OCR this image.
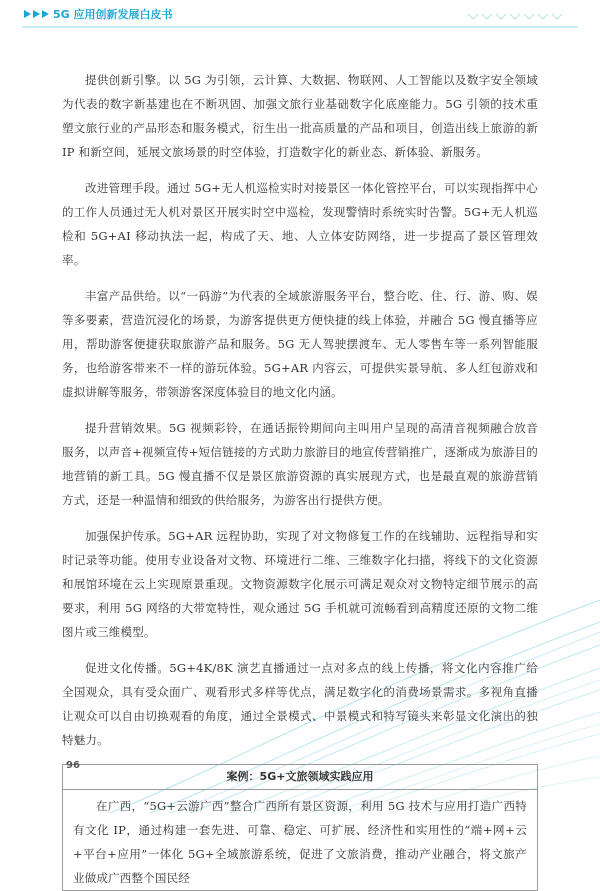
5G 应用创新发展白皮书

提供创新引擎。以 5G 为引领，云计算、大数据、物联网、人工智能以及数字安全领域为代表的数字新基建也在不断巩固、加强文旅行业基础数字化底座能力。5G 引领的技术重塑文旅行业的产品形态和服务模式，衍生出一批高质量的产品和项目，创造出线上旅游的新 IP 和新空间，延展文旅场景的时空体验，打造数字化的新业态、新体验、新服务。

改进管理手段。通过 5G+无人机巡检实时对接景区一体化管控平台，可以实现指挥中心的工作人员通过无人机对景区开展实时空中巡检，发现警情时系统实时告警。5G+无人机巡检和 5G+AI 移动执法一起，构成了天、地、人立体安防网络，进一步提高了景区管理效率。

丰富产品供给。以“一码游”为代表的全域旅游服务平台，整合吃、住、行、游、购、娱等多要素，营造沉浸化的场景，为游客提供更方便快捷的线上体验，并融合 5G 慢直播等应用，帮助游客便捷获取旅游产品和服务。5G 无人驾驶摆渡车、无人零售车等一系列智能服务，也给游客带来不一样的游玩体验。5G+AR 内容云，可提供实景导航、多人红包游戏和虚拟讲解等服务，带领游客深度体验目的地文化内涵。

提升营销效果。5G 视频彩铃，在通话振铃期间向主叫用户呈现的高清音视频融合放音服务，以声音+视频宣传+短信链接的方式助力旅游目的地宣传营销推广，逐渐成为旅游目的地营销的新工具。5G 慢直播不仅是景区旅游资源的真实展现方式，也是最直观的旅游营销方式，还是一种温情和细致的供给服务，为游客出行提供方便。

加强保护传承。5G+AR 远程协助，实现了对文物修复工作的在线辅助、远程指导和实时记录等功能。使用专业设备对文物、环境进行二维、三维数字化扫描，将线下的文化资源和展馆环境在云上实现原景重现。文物资源数字化展示可满足观众对文物特定细节展示的高要求，利用 5G 网络的大带宽特性，观众通过 5G 手机就可流畅看到高精度还原的文物二维图片或三维模型。

促进文化传播。5G+4K/8K 演艺直播通过一点对多点的线上传播，将文化内容推广给全国观众，具有受众面广、观看形式多样等优点，满足数字化的消费场景需求。多视角直播让观众可以自由切换观看的角度，通过全景模式、中景模式和特写镜头来彰显文化演出的独特魅力。

案例：5G+文旅领域实践应用

在广西，“5G+云游广西”整合广西所有景区资源，利用 5G 技术与应用打造广西特有文化 IP，通过构建一套先进、可靠、稳定、可扩展、经济性和实用性的“端+网+云+平台+应用”一体化 5G+全域旅游系统，促进了文旅消费，推动产业融合，将文旅产业做成广西整个国民经

96
